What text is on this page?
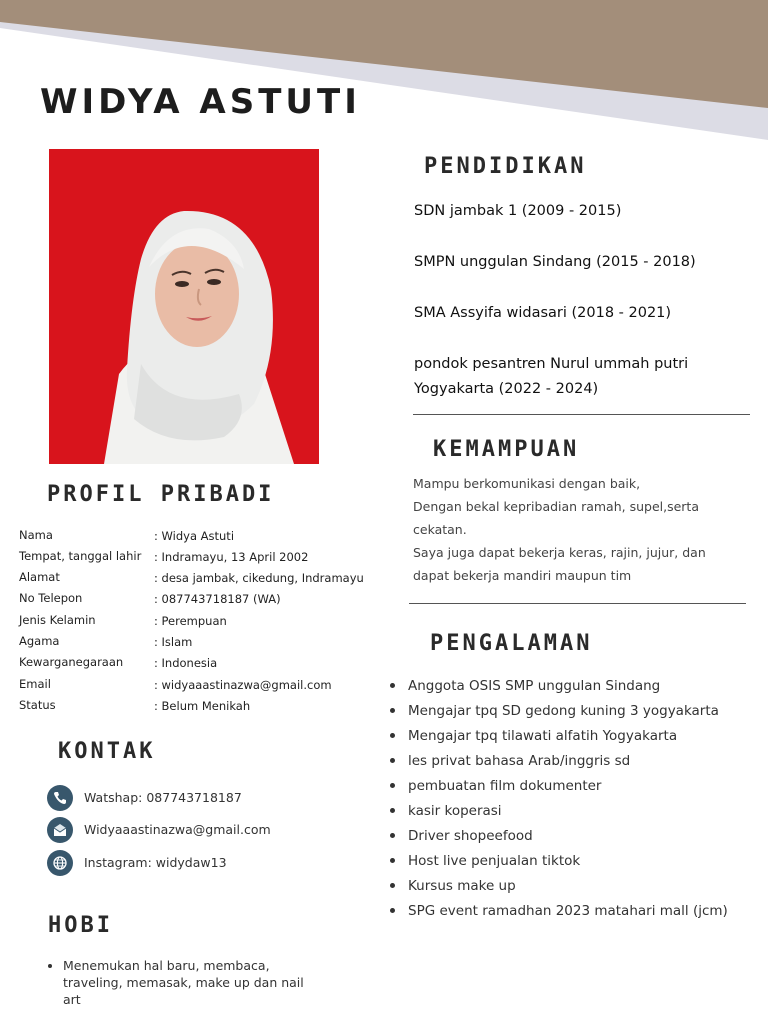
WIDYA ASTUTI
PENDIDIKAN
SDN jambak 1 (2009 - 2015)
SMPN unggulan Sindang (2015 - 2018)
SMA Assyifa widasari (2018 - 2021)
pondok pesantren Nurul ummah putri
Yogyakarta (2022 - 2024)
KEMAMPUAN
Mampu berkomunikasi dengan baik,
Dengan bekal kepribadian ramah, supel,serta
cekatan.
Saya juga dapat bekerja keras, rajin, jujur, dan
dapat bekerja mandiri maupun tim
PENGALAMAN
Anggota OSIS SMP unggulan Sindang
Mengajar tpq SD gedong kuning 3 yogyakarta
Mengajar tpq tilawati alfatih Yogyakarta
les privat bahasa Arab/inggris sd
pembuatan film dokumenter
kasir koperasi
Driver shopeefood
Host live penjualan tiktok
Kursus make up
SPG event ramadhan 2023 matahari mall (jcm)
PROFIL PRIBADI
Nama	: Widya Astuti
Tempat, tanggal lahir : Indramayu, 13 April 2002
Alamat	: desa jambak, cikedung, Indramayu
No Telepon	: 087743718187 (WA)
Jenis Kelamin	: Perempuan
Agama	: Islam
Kewarganegaraan	: Indonesia
Email	: widyaaastinazwa@gmail.com
Status	: Belum Menikah
KONTAK
Watshap: 087743718187
Widyaaastinazwa@gmail.com
Instagram: widydaw13
HOBI
Menemukan hal baru, membaca, traveling, memasak, make up dan nail art
